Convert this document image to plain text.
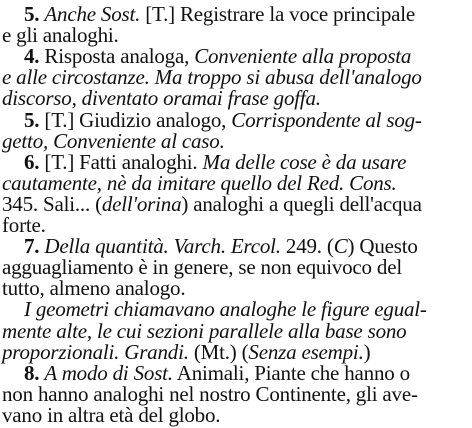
5. Anche Sost. [T.] Registrare la voce principale
e gli analoghi.
4. Risposta analoga, Conveniente alla proposta
e alle circostanze. Ma troppo si abusa dell'analogo
discorso, diventato oramai frase goffa.
5. [T.] Giudizio analogo, Corrispondente al sog-
getto, Conveniente al caso.
6. [T.] Fatti analoghi. Ma delle cose è da usare
cautamente, nè da imitare quello del Red. Cons.
345. Sali... (dell'orina) analoghi a quegli dell'acqua
forte.
7. Della quantità. Varch. Ercol. 249. (C) Questo
agguagliamento è in genere, se non equivoco del
tutto, almeno analogo.
I geometri chiamavano analoghe le figure egual-
mente alte, le cui sezioni parallele alla base sono
proporzionali. Grandi. (Mt.) (Senza esempi.)
8. A modo di Sost. Animali, Piante che hanno o
non hanno analoghi nel nostro Continente, gli ave-
vano in altra età del globo.
